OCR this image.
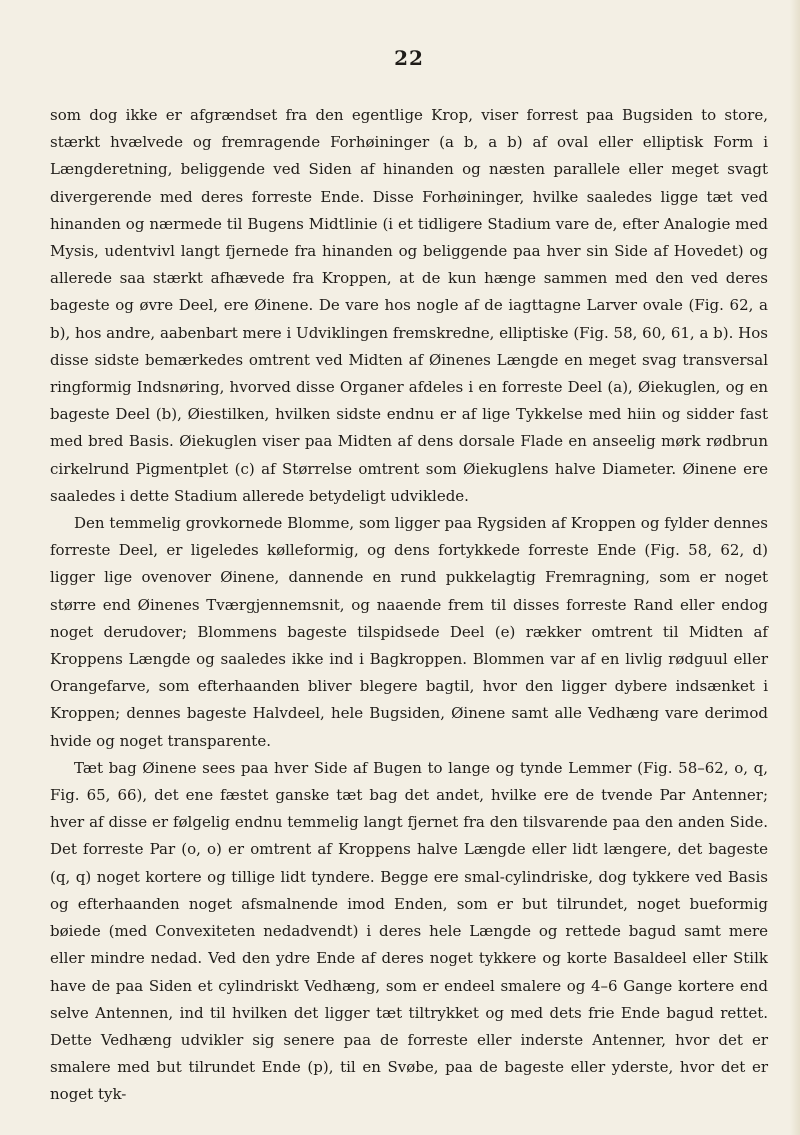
22

som dog ikke er afgrændset fra den egentlige Krop, viser forrest paa Bugsiden to store, stærkt hvælvede og fremragende Forhøininger (a b, a b) af oval eller elliptisk Form i Længderetning, beliggende ved Siden af hinanden og næsten parallele eller meget svagt divergerende med deres forreste Ende. Disse Forhøininger, hvilke saaledes ligge tæt ved hinanden og nærmede til Bugens Midtlinie (i et tidligere Stadium vare de, efter Analogie med Mysis, udentvivl langt fjernede fra hinanden og beliggende paa hver sin Side af Hovedet) og allerede saa stærkt afhævede fra Kroppen, at de kun hænge sammen med den ved deres bageste og øvre Deel, ere Øinene. De vare hos nogle af de iagttagne Larver ovale (Fig. 62, a b), hos andre, aabenbart mere i Udviklingen fremskredne, elliptiske (Fig. 58, 60, 61, a b). Hos disse sidste bemærkedes omtrent ved Midten af Øinenes Længde en meget svag transversal ringformig Indsnøring, hvorved disse Organer afdeles i en forreste Deel (a), Øiekuglen, og en bageste Deel (b), Øiestilken, hvilken sidste endnu er af lige Tykkelse med hiin og sidder fast med bred Basis. Øiekuglen viser paa Midten af dens dorsale Flade en anseelig mørk rødbrun cirkelrund Pigmentplet (c) af Størrelse omtrent som Øiekuglens halve Diameter. Øinene ere saaledes i dette Stadium allerede betydeligt udviklede.

Den temmelig grovkornede Blomme, som ligger paa Rygsiden af Kroppen og fylder dennes forreste Deel, er ligeledes kølleformig, og dens fortykkede forreste Ende (Fig. 58, 62, d) ligger lige ovenover Øinene, dannende en rund pukkelagtig Fremragning, som er noget større end Øinenes Tværgjennemsnit, og naaende frem til disses forreste Rand eller endog noget derudover; Blommens bageste tilspidsede Deel (e) rækker omtrent til Midten af Kroppens Længde og saaledes ikke ind i Bagkroppen. Blommen var af en livlig rødguul eller Orangefarve, som efterhaanden bliver blegere bagtil, hvor den ligger dybere indsænket i Kroppen; dennes bageste Halvdeel, hele Bugsiden, Øinene samt alle Vedhæng vare derimod hvide og noget transparente.

Tæt bag Øinene sees paa hver Side af Bugen to lange og tynde Lemmer (Fig. 58–62, o, q, Fig. 65, 66), det ene fæstet ganske tæt bag det andet, hvilke ere de tvende Par Antenner; hver af disse er følgelig endnu temmelig langt fjernet fra den tilsvarende paa den anden Side. Det forreste Par (o, o) er omtrent af Kroppens halve Længde eller lidt længere, det bageste (q, q) noget kortere og tillige lidt tyndere. Begge ere smal-cylindriske, dog tykkere ved Basis og efterhaanden noget afsmalnende imod Enden, som er but tilrundet, noget bueformig bøiede (med Convexiteten nedadvendt) i deres hele Længde og rettede bagud samt mere eller mindre nedad. Ved den ydre Ende af deres noget tykkere og korte Basaldeel eller Stilk have de paa Siden et cylindriskt Vedhæng, som er endeel smalere og 4–6 Gange kortere end selve Antennen, ind til hvilken det ligger tæt tiltrykket og med dets frie Ende bagud rettet. Dette Vedhæng udvikler sig senere paa de forreste eller inderste Antenner, hvor det er smalere med but tilrundet Ende (p), til en Svøbe, paa de bageste eller yderste, hvor det er noget tyk-
